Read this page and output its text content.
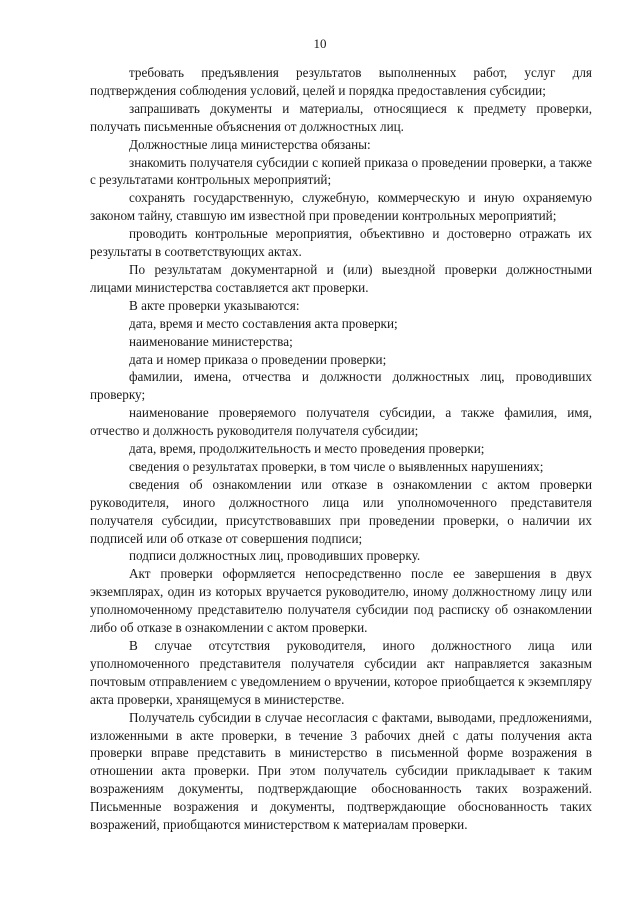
10

требовать предъявления результатов выполненных работ, услуг для подтверждения соблюдения условий, целей и порядка предоставления субсидии;

запрашивать документы и материалы, относящиеся к предмету проверки, получать письменные объяснения от должностных лиц.

Должностные лица министерства обязаны:

знакомить получателя субсидии с копией приказа о проведении проверки, а также с результатами контрольных мероприятий;

сохранять государственную, служебную, коммерческую и иную охраняемую законом тайну, ставшую им известной при проведении контрольных мероприятий;

проводить контрольные мероприятия, объективно и достоверно отражать их результаты в соответствующих актах.

По результатам документарной и (или) выездной проверки должностными лицами министерства составляется акт проверки.

В акте проверки указываются:

дата, время и место составления акта проверки;

наименование министерства;

дата и номер приказа о проведении проверки;

фамилии, имена, отчества и должности должностных лиц, проводивших проверку;

наименование проверяемого получателя субсидии, а также фамилия, имя, отчество и должность руководителя получателя субсидии;

дата, время, продолжительность и место проведения проверки;

сведения о результатах проверки, в том числе о выявленных нарушениях;

сведения об ознакомлении или отказе в ознакомлении с актом проверки руководителя, иного должностного лица или уполномоченного представителя получателя субсидии, присутствовавших при проведении проверки, о наличии их подписей или об отказе от совершения подписи;

подписи должностных лиц, проводивших проверку.

Акт проверки оформляется непосредственно после ее завершения в двух экземплярах, один из которых вручается руководителю, иному должностному лицу или уполномоченному представителю получателя субсидии под расписку об ознакомлении либо об отказе в ознакомлении с актом проверки.

В случае отсутствия руководителя, иного должностного лица или уполномоченного представителя получателя субсидии акт направляется заказным почтовым отправлением с уведомлением о вручении, которое приобщается к экземпляру акта проверки, хранящемуся в министерстве.

Получатель субсидии в случае несогласия с фактами, выводами, предложениями, изложенными в акте проверки, в течение 3 рабочих дней с даты получения акта проверки вправе представить в министерство в письменной форме возражения в отношении акта проверки. При этом получатель субсидии прикладывает к таким возражениям документы, подтверждающие обоснованность таких возражений. Письменные возражения и документы, подтверждающие обоснованность таких возражений, приобщаются министерством к материалам проверки.
